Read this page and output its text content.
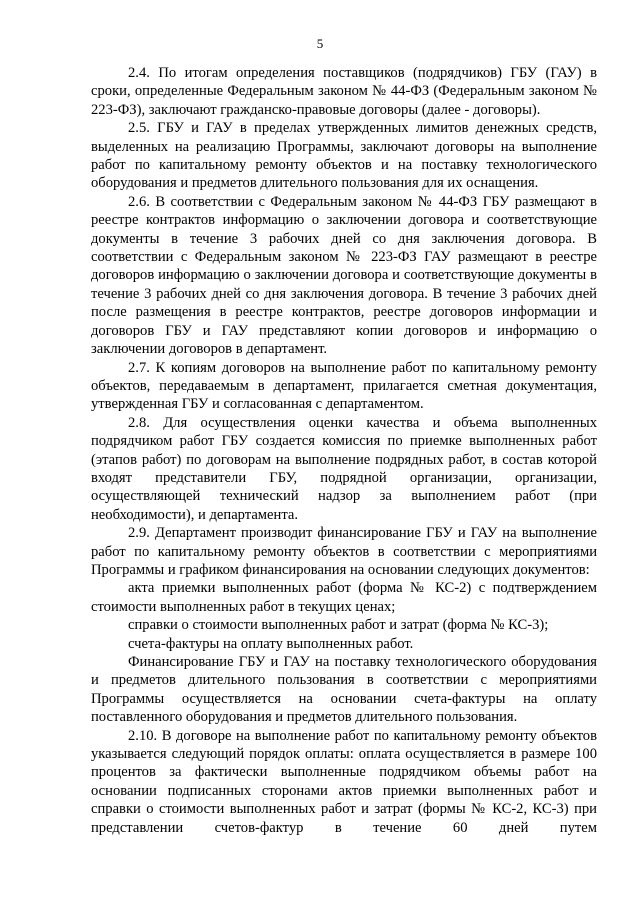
5

2.4. По итогам определения поставщиков (подрядчиков) ГБУ (ГАУ) в сроки, определенные Федеральным законом № 44-ФЗ (Федеральным законом № 223-ФЗ), заключают гражданско-правовые договоры (далее - договоры).

2.5. ГБУ и ГАУ в пределах утвержденных лимитов денежных средств, выделенных на реализацию Программы, заключают договоры на выполнение работ по капитальному ремонту объектов и на поставку технологического оборудования и предметов длительного пользования для их оснащения.

2.6. В соответствии с Федеральным законом № 44-ФЗ ГБУ размещают в реестре контрактов информацию о заключении договора и соответствующие документы в течение 3 рабочих дней со дня заключения договора. В соответствии с Федеральным законом № 223-ФЗ ГАУ размещают в реестре договоров информацию о заключении договора и соответствующие документы в течение 3 рабочих дней со дня заключения договора. В течение 3 рабочих дней после размещения в реестре контрактов, реестре договоров информации и договоров ГБУ и ГАУ представляют копии договоров и информацию о заключении договоров в департамент.

2.7. К копиям договоров на выполнение работ по капитальному ремонту объектов, передаваемым в департамент, прилагается сметная документация, утвержденная ГБУ и согласованная с департаментом.

2.8. Для осуществления оценки качества и объема выполненных подрядчиком работ ГБУ создается комиссия по приемке выполненных работ (этапов работ) по договорам на выполнение подрядных работ, в состав которой входят представители ГБУ, подрядной организации, организации, осуществляющей технический надзор за выполнением работ (при необходимости), и департамента.

2.9. Департамент производит финансирование ГБУ и ГАУ на выполнение работ по капитальному ремонту объектов в соответствии с мероприятиями Программы и графиком финансирования на основании следующих документов:

акта приемки выполненных работ (форма № КС-2) с подтверждением стоимости выполненных работ в текущих ценах;

справки о стоимости выполненных работ и затрат (форма № КС-3);

счета-фактуры на оплату выполненных работ.

Финансирование ГБУ и ГАУ на поставку технологического оборудования и предметов длительного пользования в соответствии с мероприятиями Программы осуществляется на основании счета-фактуры на оплату поставленного оборудования и предметов длительного пользования.

2.10. В договоре на выполнение работ по капитальному ремонту объектов указывается следующий порядок оплаты: оплата осуществляется в размере 100 процентов за фактически выполненные подрядчиком объемы работ на основании подписанных сторонами актов приемки выполненных работ и справки о стоимости выполненных работ и затрат (формы № КС-2, КС-3) при представлении счетов-фактур в течение 60 дней путем
